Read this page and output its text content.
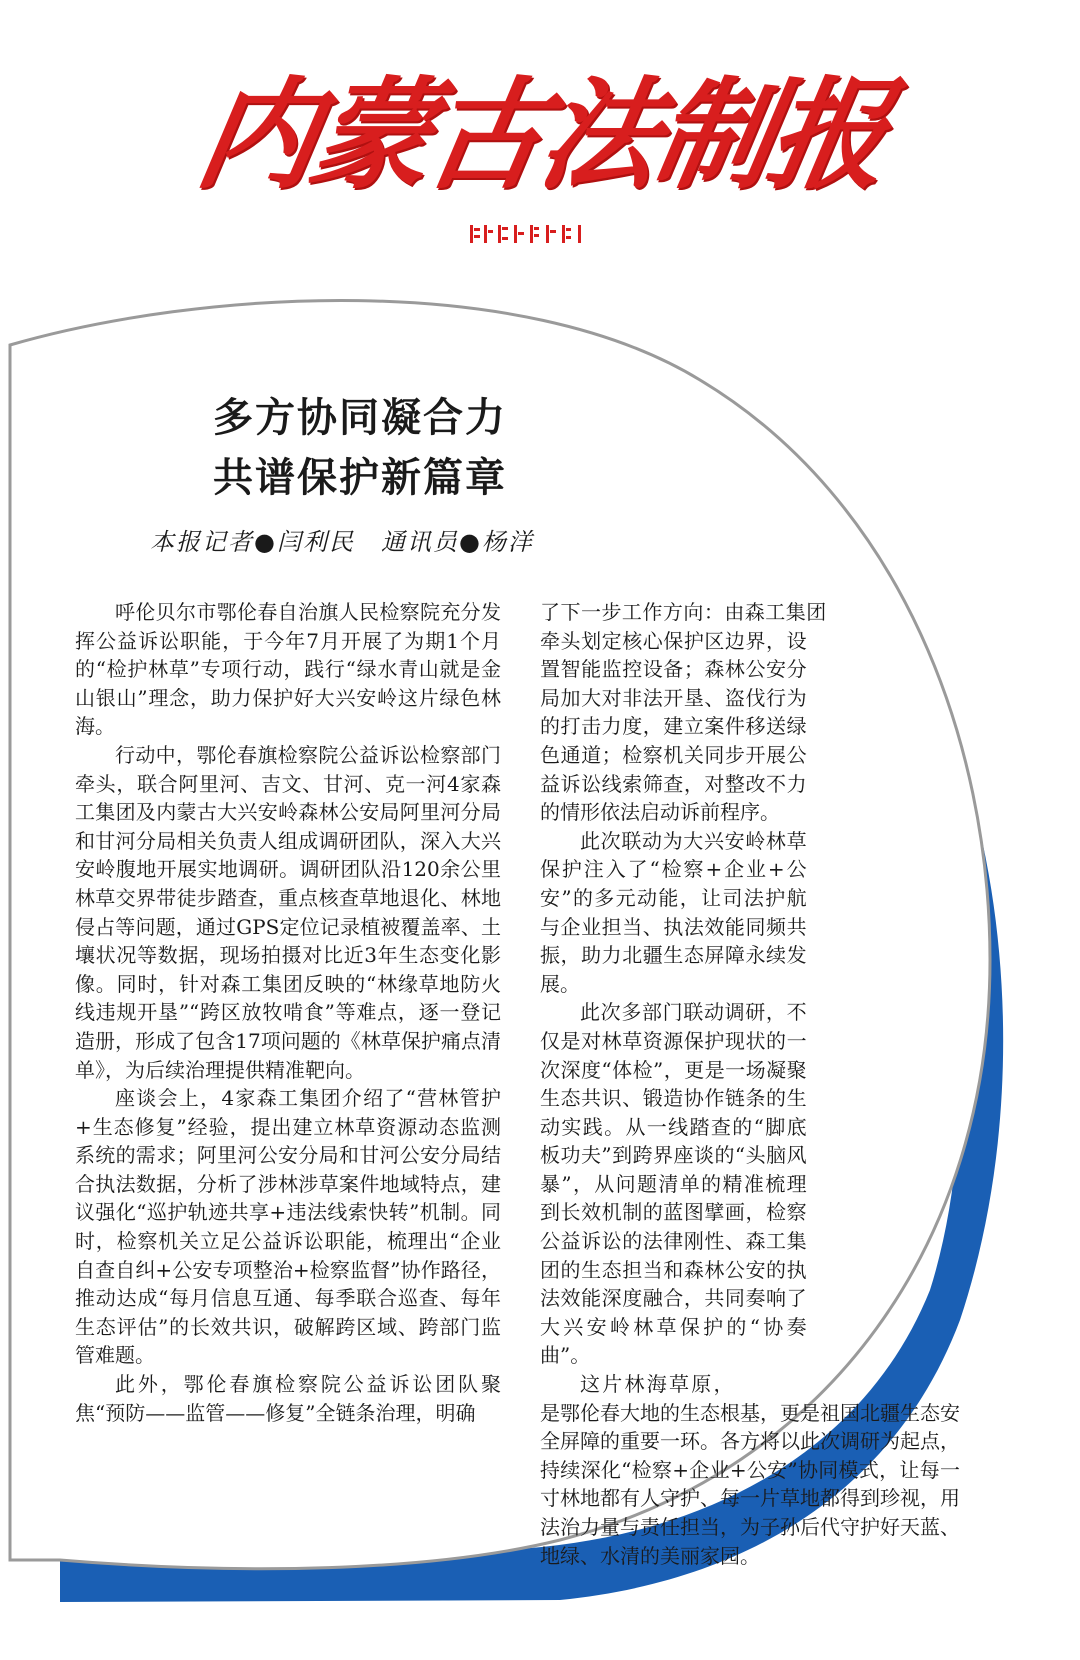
内蒙古法制报
多方协同凝合力
共谱保护新篇章
本报记者●闫利民　通讯员●杨洋

呼伦贝尔市鄂伦春自治旗人民检察院充分发挥公益诉讼职能，于今年7月开展了为期1个月的“检护林草”专项行动，践行“绿水青山就是金山银山”理念，助力保护好大兴安岭这片绿色林海。

行动中，鄂伦春旗检察院公益诉讼检察部门牵头，联合阿里河、吉文、甘河、克一河4家森工集团及内蒙古大兴安岭森林公安局阿里河分局和甘河分局相关负责人组成调研团队，深入大兴安岭腹地开展实地调研。调研团队沿120余公里林草交界带徒步踏查，重点核查草地退化、林地侵占等问题，通过GPS定位记录植被覆盖率、土壤状况等数据，现场拍摄对比近3年生态变化影像。同时，针对森工集团反映的“林缘草地防火线违规开垦”“跨区放牧啃食”等难点，逐一登记造册，形成了包含17项问题的《林草保护痛点清单》，为后续治理提供精准靶向。

座谈会上，4家森工集团介绍了“营林管护+生态修复”经验，提出建立林草资源动态监测系统的需求；阿里河公安分局和甘河公安分局结合执法数据，分析了涉林涉草案件地域特点，建议强化“巡护轨迹共享+违法线索快转”机制。同时，检察机关立足公益诉讼职能，梳理出“企业自查自纠+公安专项整治+检察监督”协作路径，推动达成“每月信息互通、每季联合巡查、每年生态评估”的长效共识，破解跨区域、跨部门监管难题。

此外，鄂伦春旗检察院公益诉讼团队聚焦“预防——监管——修复”全链条治理，明确

了下一步工作方向：由森工集团牵头划定核心保护区边界，设置智能监控设备；森林公安分局加大对非法开垦、盗伐行为的打击力度，建立案件移送绿色通道；检察机关同步开展公益诉讼线索筛查，对整改不力的情形依法启动诉前程序。

此次联动为大兴安岭林草保护注入了“检察+企业+公安”的多元动能，让司法护航与企业担当、执法效能同频共振，助力北疆生态屏障永续发展。

此次多部门联动调研，不仅是对林草资源保护现状的一次深度“体检”，更是一场凝聚生态共识、锻造协作链条的生动实践。从一线踏查的“脚底板功夫”到跨界座谈的“头脑风暴”，从问题清单的精准梳理到长效机制的蓝图擘画，检察公益诉讼的法律刚性、森工集团的生态担当和森林公安的执法效能深度融合，共同奏响了大兴安岭林草保护的“协奏曲”。

这片林海草原，是鄂伦春大地的生态根基，更是祖国北疆生态安全屏障的重要一环。各方将以此次调研为起点，持续深化“检察+企业+公安”协同模式，让每一寸林地都有人守护、每一片草地都得到珍视，用法治力量与责任担当，为子孙后代守护好天蓝、地绿、水清的美丽家园。
